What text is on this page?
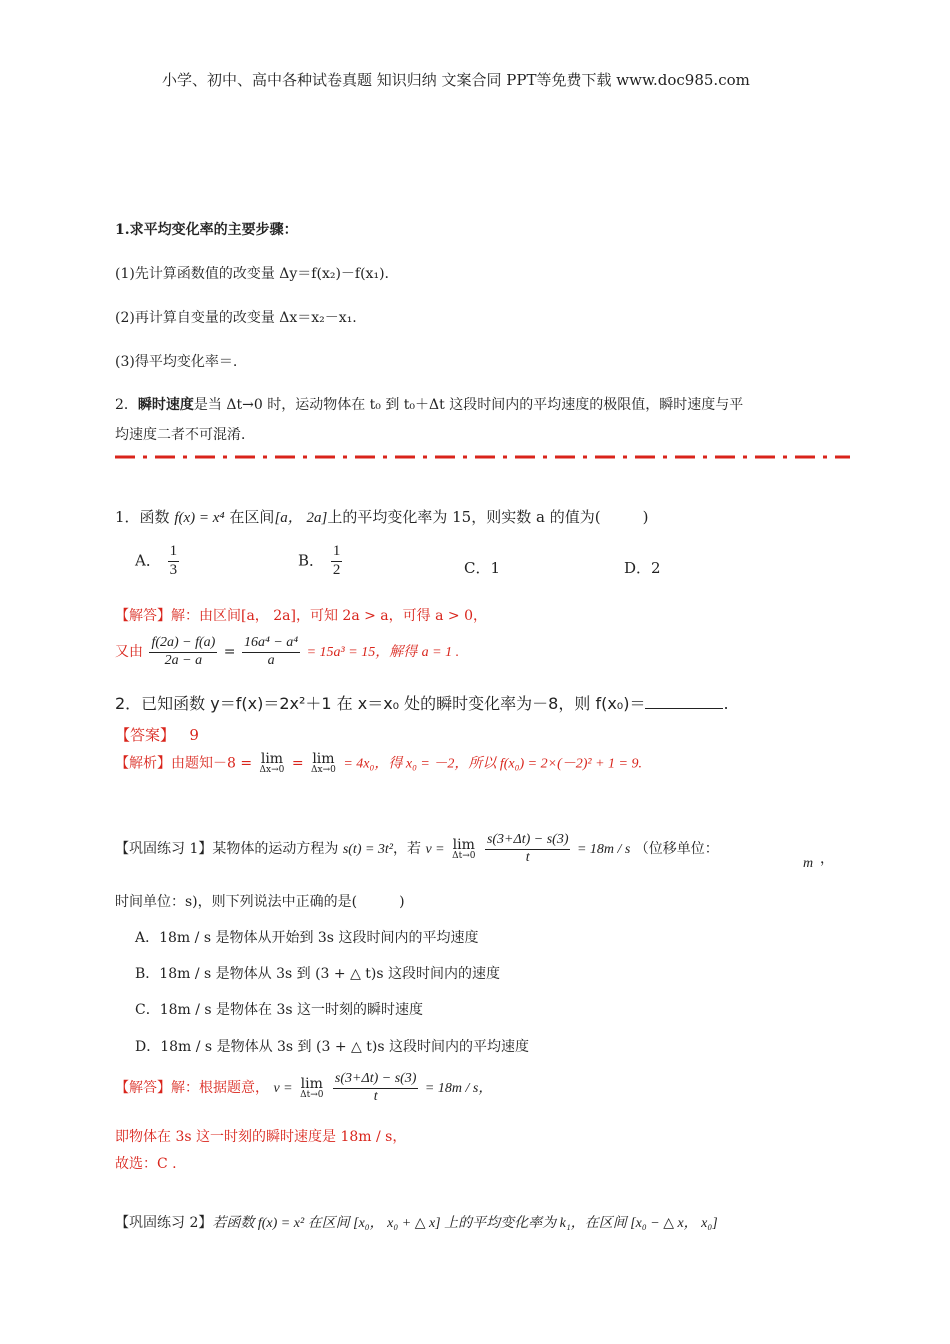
小学、初中、高中各种试卷真题 知识归纳 文案合同 PPT等免费下载 www.doc985.com
1.求平均变化率的主要步骤：
(1)先计算函数值的改变量 Δy＝f(x₂)－f(x₁).
(2)再计算自变量的改变量 Δx＝x₂－x₁.
(3)得平均变化率＝.
2．瞬时速度是当 Δt→0 时，运动物体在 t₀ 到 t₀＋Δt 这段时间内的平均速度的极限值，瞬时速度与平
均速度二者不可混淆．
1．函数 f(x) = x⁴ 在区间[a， 2a]上的平均变化率为 15，则实数 a 的值为(	)
A． $\frac{1}{3}$	B． $\frac{1}{2}$	C．1	D．2
【解答】解：由区间[a， 2a]，可知 2a > a，可得 a > 0，
又由 $\frac{f(2a) - f(a)}{2a - a} = \frac{\text{16a⁴ − a⁴}}{a} = 15a^3 = 15$，解得 a = 1 .
2．已知函数 y＝f(x)＝2x²＋1 在 x＝x₀ 处的瞬时变化率为－8，则 f(x₀)＝	.
【答案】 9
【解析】由题知－8 = lim
Δx→0 = lim
Δx→0 = 4x₀，得 x₀ = －2，所以 f(x₀) = 2×(－2)² + 1 = 9.
【巩固练习 1】某物体的运动方程为 s(t) = 3t²，若 v = lim
Δt→0
$\frac{s(3+\Delta t) - s(3)}{t} = 18m / s$ （位移单位：
m ，
时间单位：s)，则下列说法中正确的是(	)
A．18m / s 是物体从开始到 3s 这段时间内的平均速度
B．18m / s 是物体从 3s 到 (3 + △ t)s 这段时间内的速度
C．18m / s 是物体在 3s 这一时刻的瞬时速度
D．18m / s 是物体从 3s 到 (3 + △ t)s 这段时间内的平均速度
【解答】解：根据题意， v = lim
Δt→0
$\frac{s(3+\Delta t) - s(3)}{t} = 18m / s$，
即物体在 3s 这一时刻的瞬时速度是 18m / s，
故选：C .
【巩固练习 2】若函数 f(x) = x² 在区间 [x₀， x₀ + △ x] 上的平均变化率为 k₁，在区间 [x₀ − △ x， x₀]
